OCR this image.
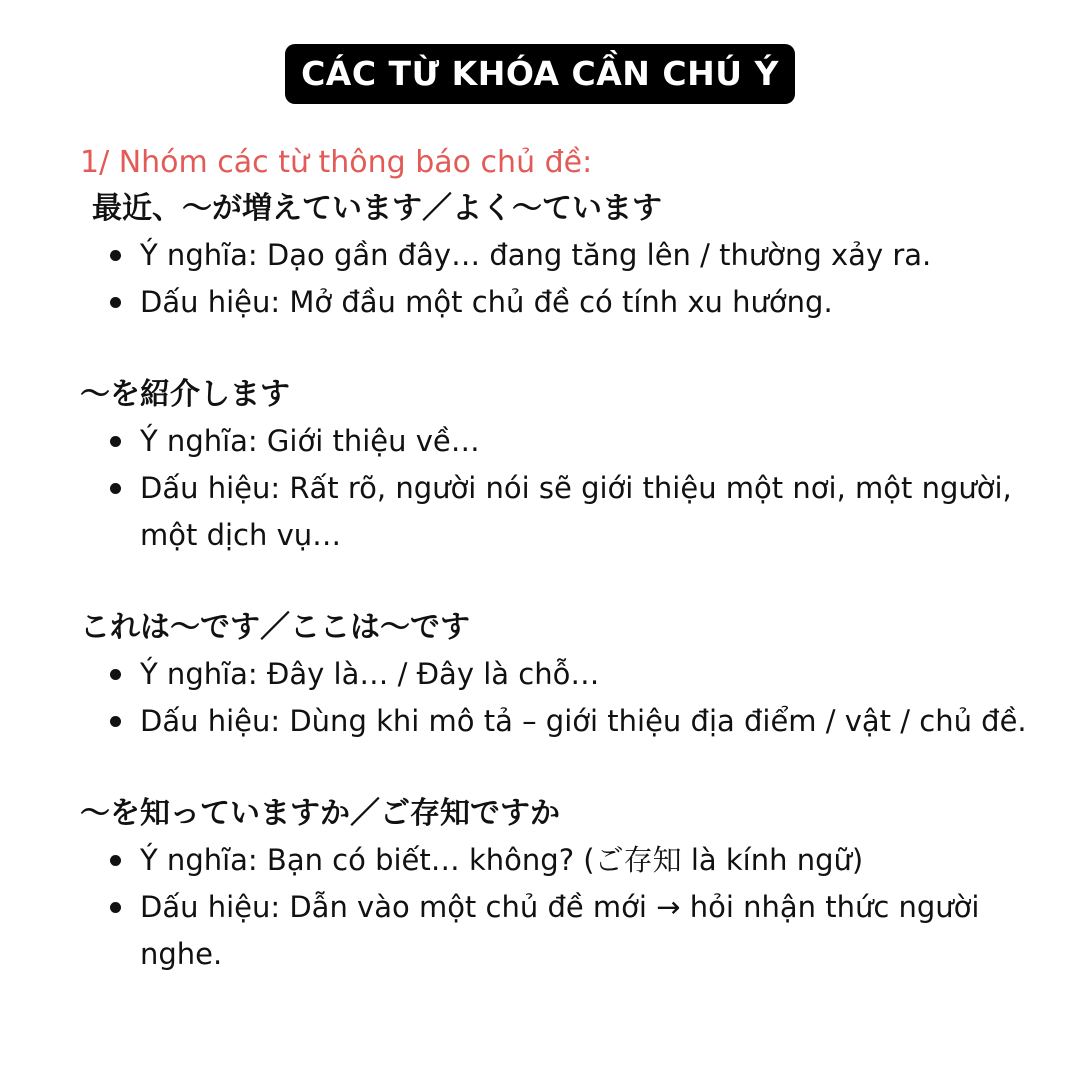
CÁC TỪ KHÓA CẦN CHÚ Ý
1/ Nhóm các từ thông báo chủ đề:
最近、～が増えています／よく～ています
Ý nghĩa: Dạo gần đây… đang tăng lên / thường xảy ra.
Dấu hiệu: Mở đầu một chủ đề có tính xu hướng.
～を紹介します
Ý nghĩa: Giới thiệu về…
Dấu hiệu: Rất rõ, người nói sẽ giới thiệu một nơi, một người, một dịch vụ…
これは～です／ここは～です
Ý nghĩa: Đây là… / Đây là chỗ…
Dấu hiệu: Dùng khi mô tả – giới thiệu địa điểm / vật / chủ đề.
～を知っていますか／ご存知ですか
Ý nghĩa: Bạn có biết… không? (ご存知 là kính ngữ)
Dấu hiệu: Dẫn vào một chủ đề mới → hỏi nhận thức người nghe.
